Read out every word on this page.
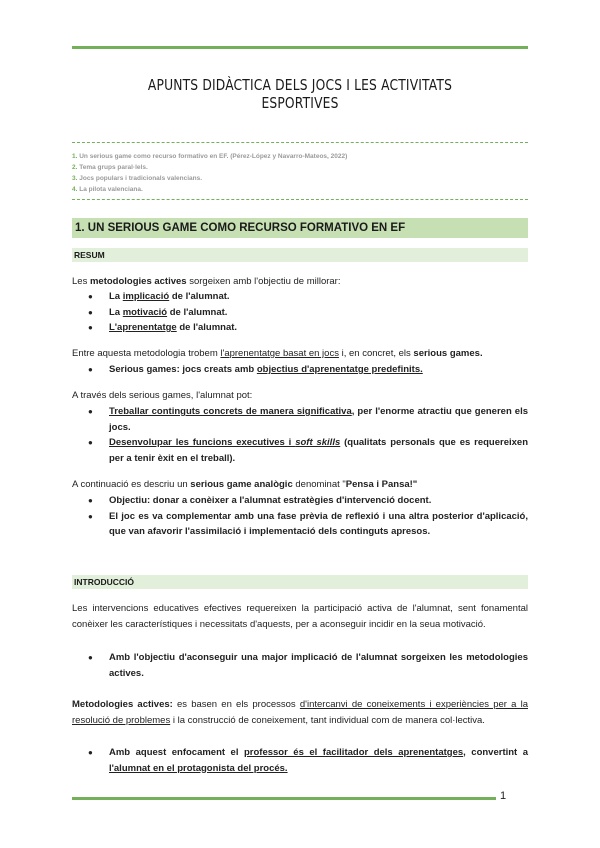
APUNTS DIDÀCTICA DELS JOCS I LES ACTIVITATS ESPORTIVES
1. Un serious game como recurso formativo en EF. (Pérez-López y Navarro-Mateos, 2022)
2. Tema grups paral·lels.
3. Jocs populars i tradicionals valencians.
4. La pilota valenciana.
1. UN SERIOUS GAME COMO RECURSO FORMATIVO EN EF
RESUM
Les metodologies actives sorgeixen amb l'objectiu de millorar:
● La implicació de l'alumnat.
● La motivació de l'alumnat.
● L'aprenentatge de l'alumnat.
Entre aquesta metodologia trobem l'aprenentatge basat en jocs i, en concret, els serious games.
● Serious games: jocs creats amb objectius d'aprenentatge predefinits.
A través dels serious games, l'alumnat pot:
● Treballar continguts concrets de manera significativa, per l'enorme atractiu que generen els jocs.
● Desenvolupar les funcions executives i soft skills (qualitats personals que es requereixen per a tenir èxit en el treball).
A continuació es descriu un serious game analògic denominat "Pensa i Pansa!"
● Objectiu: donar a conèixer a l'alumnat estratègies d'intervenció docent.
● El joc es va complementar amb una fase prèvia de reflexió i una altra posterior d'aplicació, que van afavorir l'assimilació i implementació dels continguts apresos.
INTRODUCCIÓ
Les intervencions educatives efectives requereixen la participació activa de l'alumnat, sent fonamental conèixer les característiques i necessitats d'aquests, per a aconseguir incidir en la seua motivació.
● Amb l'objectiu d'aconseguir una major implicació de l'alumnat sorgeixen les metodologies actives.
Metodologies actives: es basen en els processos d'intercanvi de coneixements i experiències per a la resolució de problemes i la construcció de coneixement, tant individual com de manera col·lectiva.
● Amb aquest enfocament el professor és el facilitador dels aprenentatges, convertint a l'alumnat en el protagonista del procés.
1
